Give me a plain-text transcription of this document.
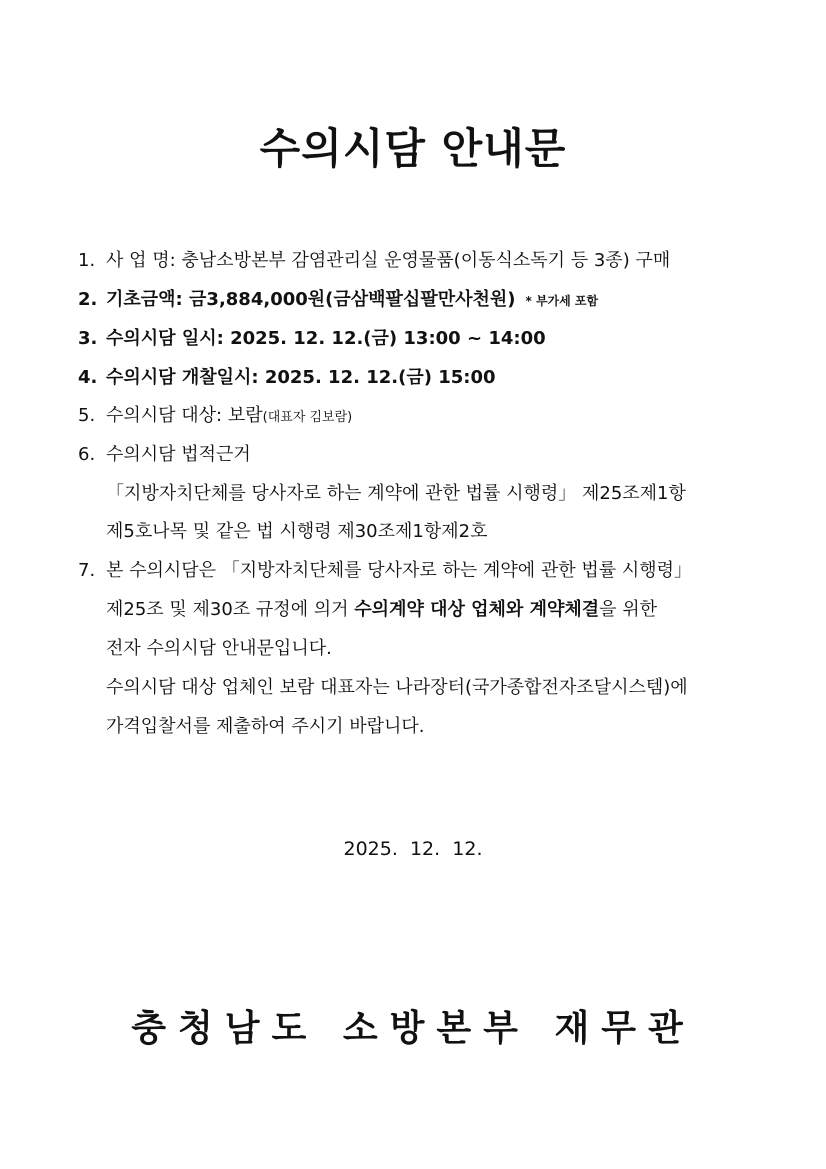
수의시담 안내문
1. 사 업 명: 충남소방본부 감염관리실 운영물품(이동식소독기 등 3종) 구매
2. 기초금액: 금3,884,000원(금삼백팔십팔만사천원) * 부가세 포함
3. 수의시담 일시: 2025. 12. 12.(금) 13:00 ~ 14:00
4. 수의시담 개찰일시: 2025. 12. 12.(금) 15:00
5. 수의시담 대상: 보람(대표자 김보람)
6. 수의시담 법적근거
「지방자치단체를 당사자로 하는 계약에 관한 법률 시행령」 제25조제1항
제5호나목 및 같은 법 시행령 제30조제1항제2호
7. 본 수의시담은 「지방자치단체를 당사자로 하는 계약에 관한 법률 시행령」
제25조 및 제30조 규정에 의거 수의계약 대상 업체와 계약체결을 위한
전자 수의시담 안내문입니다.
수의시담 대상 업체인 보람 대표자는 나라장터(국가종합전자조달시스템)에
가격입찰서를 제출하여 주시기 바랍니다.
2025.  12.  12.
충청남도 소방본부 재무관
